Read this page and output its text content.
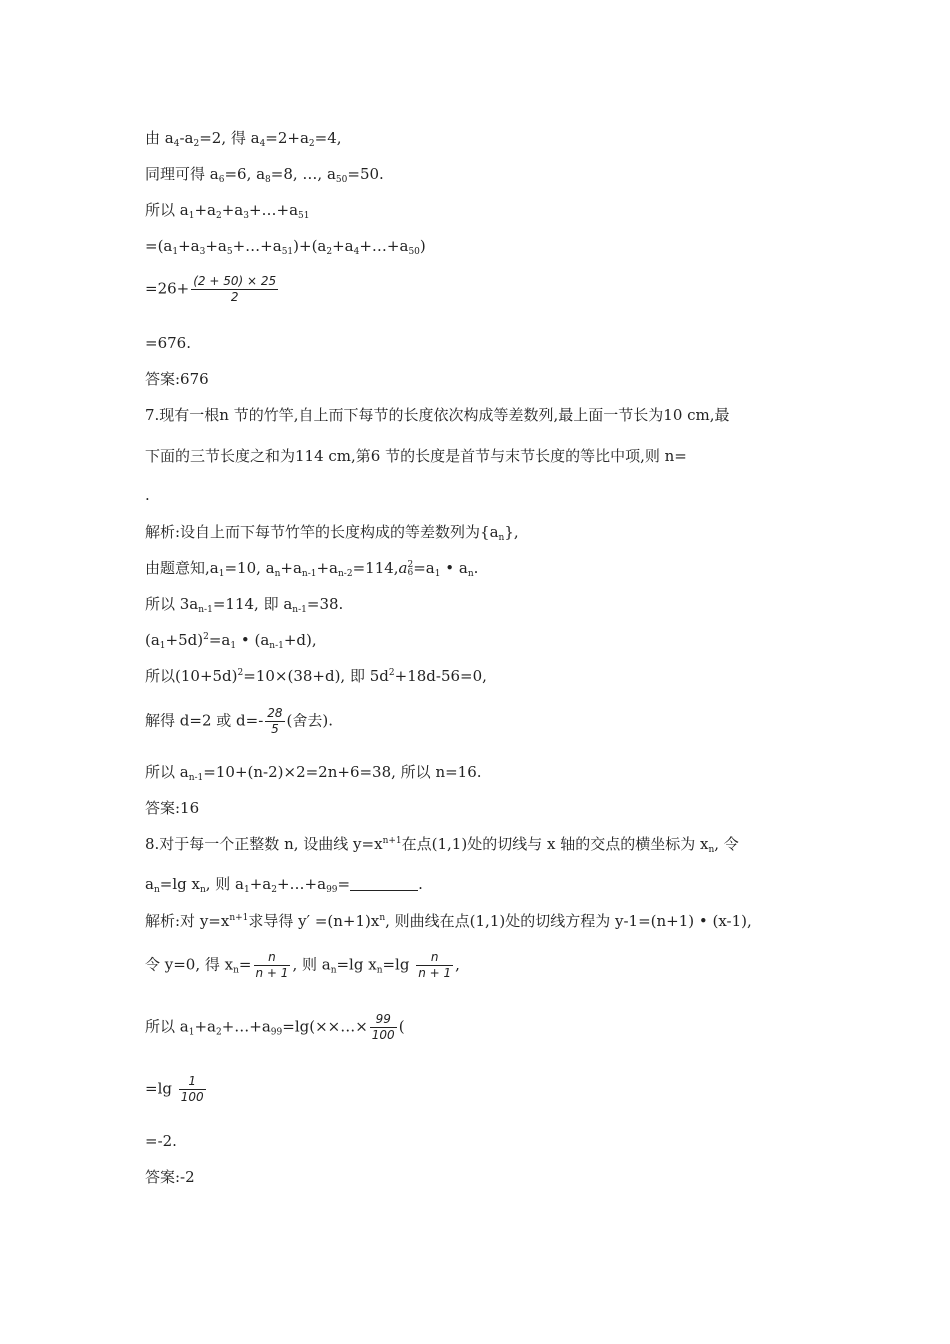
由 $a_4-a_2=2$, 得 $a_4=2+a_2=4$,
同理可得 $a_6=6$, $a_8=8$, …, $a_{50}=50$.
所以 $a_1+a_2+a_3+\dots+a_{51}$
$=(a_1+a_3+a_5+\dots+a_{51})+(a_2+a_4+\dots+a_{50})$
$=26+ \frac{(2 + 50) \times 25}{2}$
=676.
答案:676
7.现有一根n 节的竹竿,自上而下每节的长度依次构成等差数列,最上面一节长为10 cm,最
下面的三节长度之和为114 cm,第6 节的长度是首节与末节长度的等比中项,则 n=
.
解析:设自上而下每节竹竿的长度构成的等差数列为$\{a_n\}$,
由题意知$,a_1=10$, $a_n+a_{n-1}+a_{n-2}=114,a$ 2
$6 =a_1$ • $a_n$.
所以 $3a_{n-1}=114$, 即 $a_{n-1}=38$.
$(a_1+5d)^2=a_1$ • $(a_{n-1}+d)$,
所以$(10+5d)^2=10\times(38+d)$, 即 $5d^2+18d-56=0$,
解得 d=2 或 $d=- \frac{28}{5}$ (舍去).
所以 $a_{n-1}=10+(n-2)\times 2=2n+6=38$, 所以 n=16.
答案:16
8.对于每一个正整数 n, 设曲线 $y=x^{n+1}$在点(1,1)处的切线与 x 轴的交点的横坐标为 $x_n$, 令
$a_n=\lg$ $x_n$, 则 $a_1+a_2+\dots+a_{99}=$	.
解析:对 $y=x^{n+1}$求导得 $y' =(n+1)x^n$, 则曲线在点(1,1)处的切线方程为 y-1=(n+1) • (x-1),
令 y=0, 得 $x_n= \frac{n}{n + 1}$ , 则 $a_n=\lg$ $x_n=\lg \frac{n}{n + 1}$ ,
所以 $a_1+a_2+\dots+a_{99}=\lg(\times\times\dots\times \frac{99}{100}$ (
$=\lg \frac{1}{100}$
=-2.
答案:-2
